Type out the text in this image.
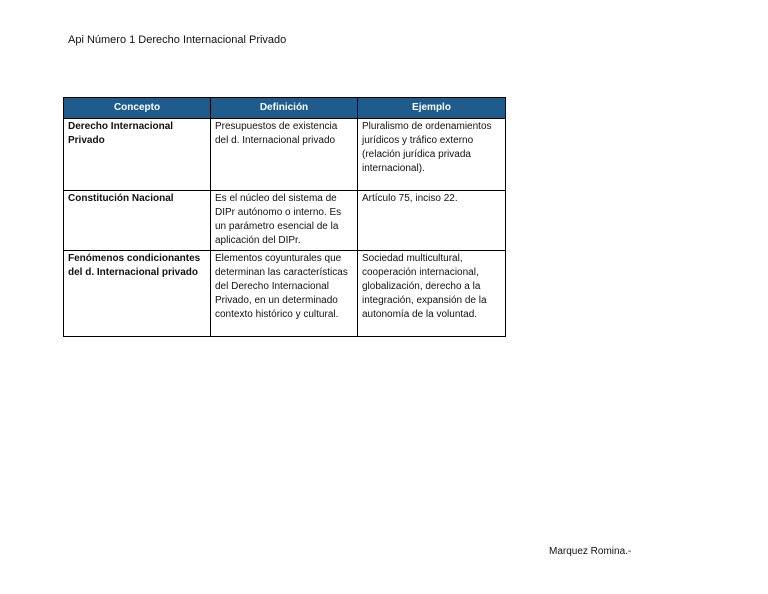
Api Número 1 Derecho Internacional Privado
Concepto	Definición	Ejemplo
Derecho Internacional Privado	Presupuestos de existencia del d. Internacional privado	Pluralismo de ordenamientos jurídicos y tráfico externo (relación jurídica privada internacional).
Constitución Nacional	Es el núcleo del sistema de DIPr autónomo o interno. Es un parámetro esencial de la aplicación del DIPr.	Artículo 75, inciso 22.
Fenómenos condicionantes del d. Internacional privado	Elementos coyunturales que determinan las características del Derecho Internacional Privado, en un determinado contexto histórico y cultural.	Sociedad multicultural, cooperación internacional, globalización, derecho a la integración, expansión de la autonomía de la voluntad.
Marquez Romina.-
